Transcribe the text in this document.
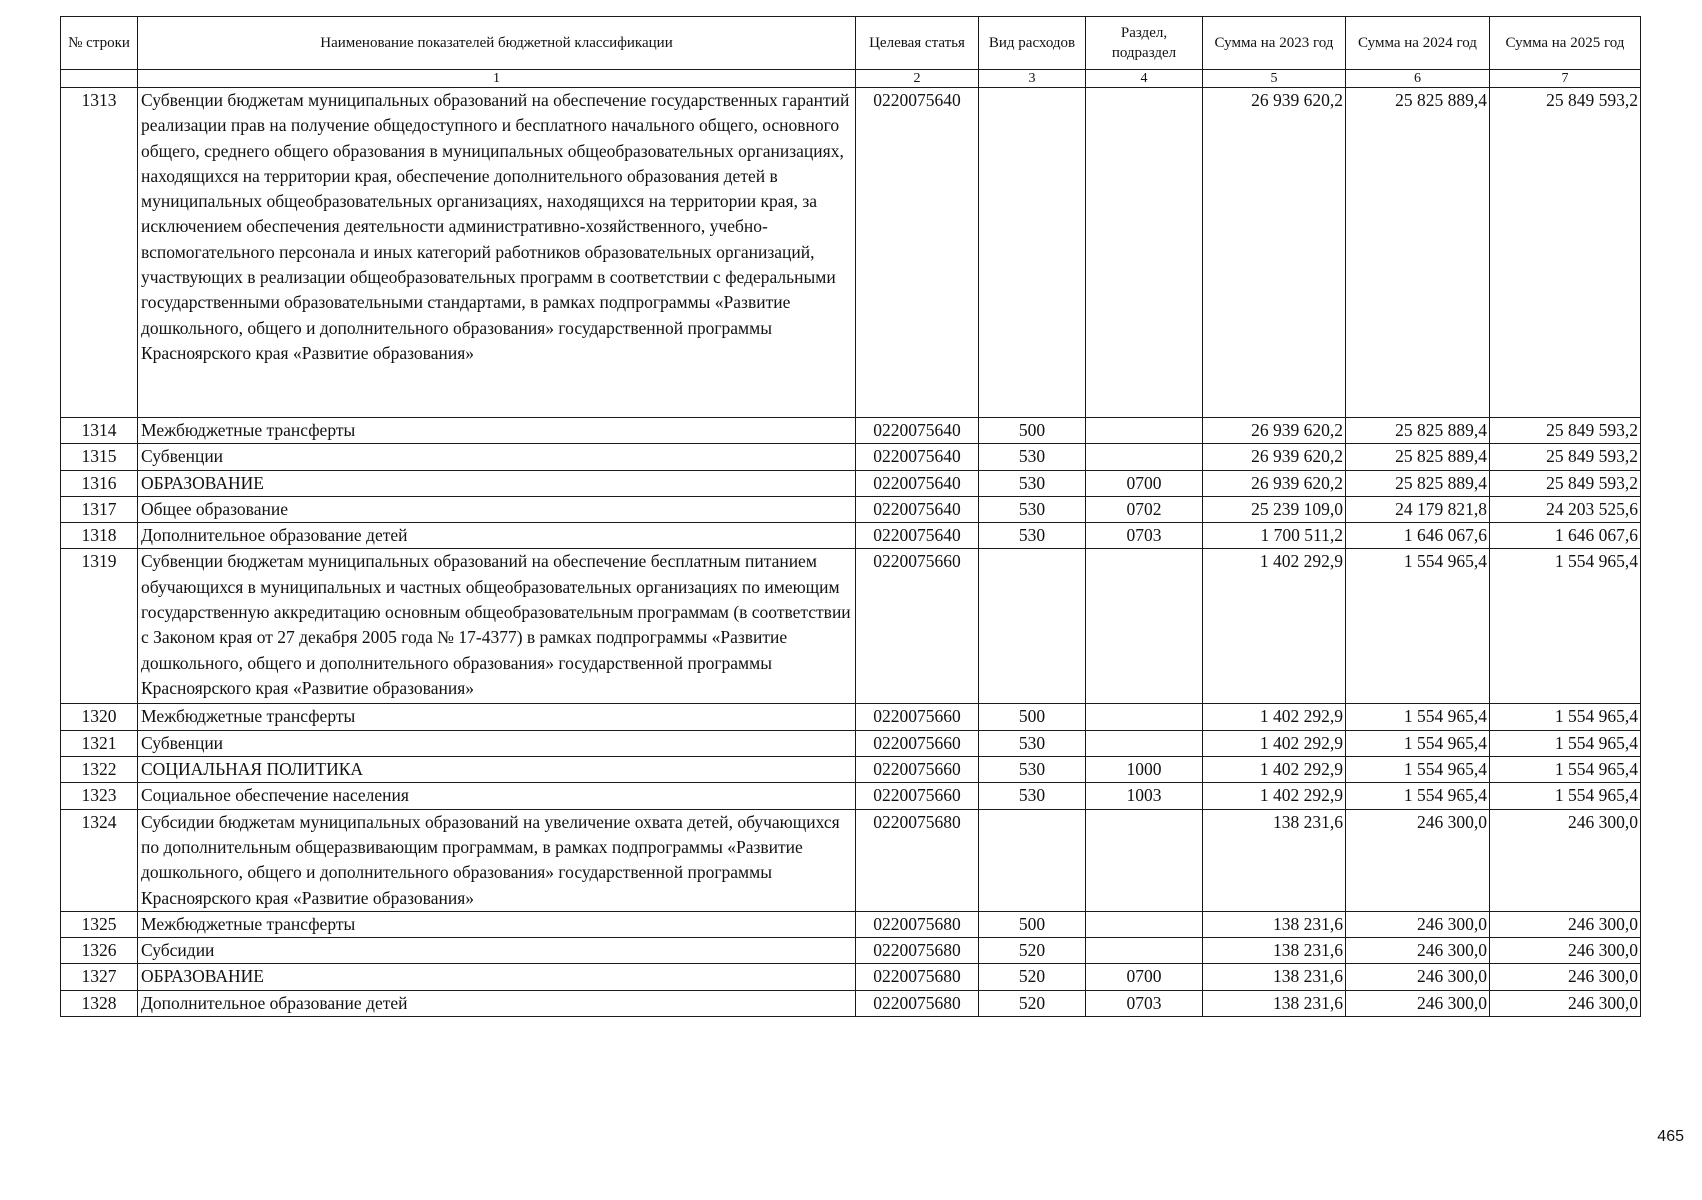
№ строки	Наименование показателей бюджетной классификации	Целевая статья	Вид расходов	Раздел, подраздел	Сумма на 2023 год	Сумма на 2024 год	Сумма на 2025 год
	1	2	3	4	5	6	7
1313	Субвенции бюджетам муниципальных образований на обеспечение государственных гарантий реализации прав на получение общедоступного и бесплатного начального общего, основного общего, среднего общего образования в муниципальных общеобразовательных организациях, находящихся на территории края, обеспечение дополнительного образования детей в муниципальных общеобразовательных организациях, находящихся на территории края, за исключением обеспечения деятельности административно-хозяйственного, учебно-вспомогательного персонала и иных категорий работников образовательных организаций, участвующих в реализации общеобразовательных программ в соответствии с федеральными государственными образовательными стандартами, в рамках подпрограммы «Развитие дошкольного, общего и дополнительного образования» государственной программы Красноярского края «Развитие образования»	0220075640			26 939 620,2	25 825 889,4	25 849 593,2
1314	Межбюджетные трансферты	0220075640	500		26 939 620,2	25 825 889,4	25 849 593,2
1315	Субвенции	0220075640	530		26 939 620,2	25 825 889,4	25 849 593,2
1316	ОБРАЗОВАНИЕ	0220075640	530	0700	26 939 620,2	25 825 889,4	25 849 593,2
1317	Общее образование	0220075640	530	0702	25 239 109,0	24 179 821,8	24 203 525,6
1318	Дополнительное образование детей	0220075640	530	0703	1 700 511,2	1 646 067,6	1 646 067,6
1319	Субвенции бюджетам муниципальных образований на обеспечение бесплатным питанием обучающихся в муниципальных и частных общеобразовательных организациях по имеющим государственную аккредитацию основным общеобразовательным программам (в соответствии с Законом края от 27 декабря 2005 года № 17-4377) в рамках подпрограммы «Развитие дошкольного, общего и дополнительного образования» государственной программы Красноярского края «Развитие образования»	0220075660			1 402 292,9	1 554 965,4	1 554 965,4
1320	Межбюджетные трансферты	0220075660	500		1 402 292,9	1 554 965,4	1 554 965,4
1321	Субвенции	0220075660	530		1 402 292,9	1 554 965,4	1 554 965,4
1322	СОЦИАЛЬНАЯ ПОЛИТИКА	0220075660	530	1000	1 402 292,9	1 554 965,4	1 554 965,4
1323	Социальное обеспечение населения	0220075660	530	1003	1 402 292,9	1 554 965,4	1 554 965,4
1324	Субсидии бюджетам муниципальных образований на увеличение охвата детей, обучающихся по дополнительным общеразвивающим программам, в рамках подпрограммы «Развитие дошкольного, общего и дополнительного образования» государственной программы Красноярского края «Развитие образования»	0220075680			138 231,6	246 300,0	246 300,0
1325	Межбюджетные трансферты	0220075680	500		138 231,6	246 300,0	246 300,0
1326	Субсидии	0220075680	520		138 231,6	246 300,0	246 300,0
1327	ОБРАЗОВАНИЕ	0220075680	520	0700	138 231,6	246 300,0	246 300,0
1328	Дополнительное образование детей	0220075680	520	0703	138 231,6	246 300,0	246 300,0
465
